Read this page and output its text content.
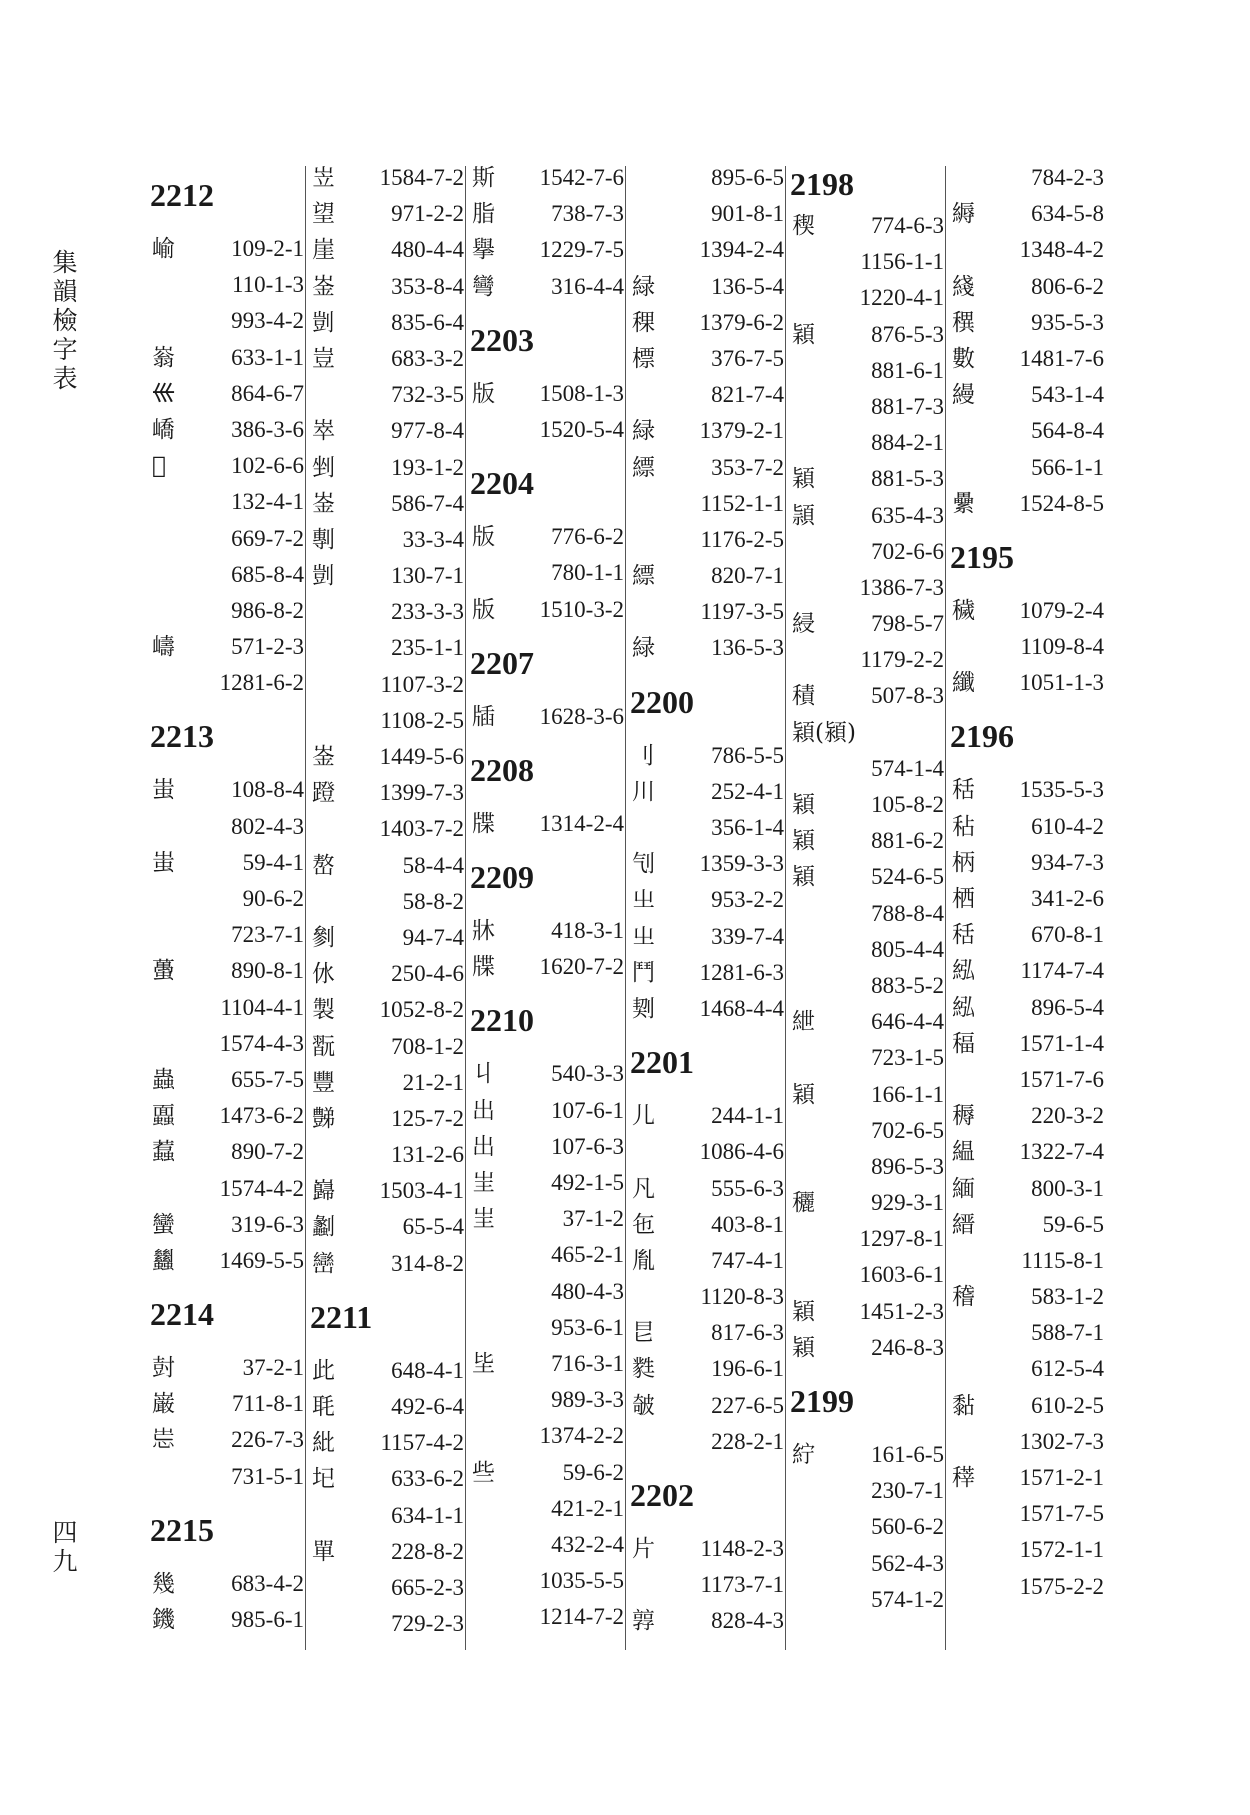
集韻檢字表
四九
2212
崳 109-2-1
110-1-3
993-4-2
嵡 633-1-1
𡿧 864-6-7
嶠 386-3-6
𡾎	102-6-6
132-4-1
669-7-2
685-8-4
986-8-2
嶹 571-2-3
1281-6-2
2213
蚩 108-8-4
802-4-3
蚩	59-4-1
90-6-2
723-7-1
蠆 890-8-1
1104-4-1
1574-4-3
蟲 655-7-5
蠠 1473-6-2
蠚 890-7-2
1574-4-2
蠻 319-6-3
蠿 1469-5-5
2214
尌	37-2-1
巌 711-8-1
𡷢 226-7-3
731-5-1
2215
幾 683-4-2
鐖 985-6-1
岦 1584-7-2
望 971-2-2
崖 480-4-4
崟 353-8-4
剴 835-6-4
豈 683-3-2
732-3-5
崒 977-8-4
剉 193-1-2
崟 586-7-4
剸	33-3-4
剴 130-7-1
233-3-3
235-1-1
1107-3-2
1108-2-5
崟 1449-5-6
蹬 1399-7-3
1403-7-2
嶅	58-4-4
58-8-2
剼	94-7-4
㲻 250-4-6
製 1052-8-2
翫 708-1-2
豐	21-2-1
豑 125-7-2
131-2-6
巋 1503-4-1
劙	65-5-4
巒 314-8-2
2211
此 648-4-1
毦 492-6-4
紕 1157-4-2
𡉏 633-6-2
634-1-1
單 228-8-2
665-2-3
729-2-3
斯 1542-7-6
脂 738-7-3
擧 1229-7-5
彎 316-4-4
2203
版 1508-1-3
1520-5-4
2204
版 776-6-2
780-1-1
版 1510-3-2
2207
牐 1628-3-6
2208
牒 1314-2-4
2209
牀 418-3-1
牒 1620-7-2
2210
丩 540-3-3
出 107-6-1
出 107-6-3
㞷 492-1-5
㞷	37-1-2
465-2-1
480-4-3
953-6-1
坒 716-3-1
989-3-3
1374-2-2
些	59-6-2
421-2-1
432-2-4
1035-5-5
1214-7-2
895-6-5
901-8-1
1394-2-4
緑 136-5-4
稞 1379-6-2
標 376-7-5
821-7-4
緑 1379-2-1
縹 353-7-2
1152-1-1
1176-2-5
縹 820-7-1
1197-3-5
緑 136-5-3
2200
刂 786-5-5
川 252-4-1
356-1-4
刏 1359-3-3
㞢 953-2-2
㞢 339-7-4
鬥 1281-6-3
㓶 1468-4-4
2201
儿 244-1-1
1086-4-6
凡 555-6-3
㐌 403-8-1
胤 747-4-1
1120-8-3
㫐 817-6-3
㽔 196-6-1
㿲 227-6-5
228-2-1
2202
片 1148-2-3
1173-7-1
㝇 828-4-3
2198
稧 774-6-3
1156-1-1
1220-4-1
穎 876-5-3
881-6-1
881-7-3
884-2-1
穎 881-5-3
頴 635-4-3
702-6-6
1386-7-3
綅 798-5-7
1179-2-2
積 507-8-3
穎(潁)
574-1-4
穎 105-8-2
穎 881-6-2
穎 524-6-5
788-8-4
805-4-4
883-5-2
紲 646-4-4
723-1-5
穎 166-1-1
702-6-5
896-5-3
穲 929-3-1
1297-8-1
1603-6-1
穎 1451-2-3
穎 246-8-3
2199
紵 161-6-5
230-7-1
560-6-2
562-4-3
574-1-2
784-2-3
縟 634-5-8
1348-4-2
綫 806-6-2
穓 935-5-3
數 1481-7-6
縵 543-1-4
564-8-4
566-1-1
纍 1524-8-5
2195
穢 1079-2-4
1109-8-4
纖 1051-1-3
2196
秳 1535-5-3
秥 610-4-2
柄 934-7-3
栖 341-2-6
秳 670-8-1
紭 1174-7-4
紭 896-5-4
稫 1571-1-4
1571-7-6
䅶 220-3-2
緼 1322-7-4
緬 800-3-1
縉	59-6-5
1115-8-1
稽 583-1-2
588-7-1
612-5-4
黏 610-2-5
1302-7-3
䅸 1571-2-1
1571-7-5
1572-1-1
1575-2-2
